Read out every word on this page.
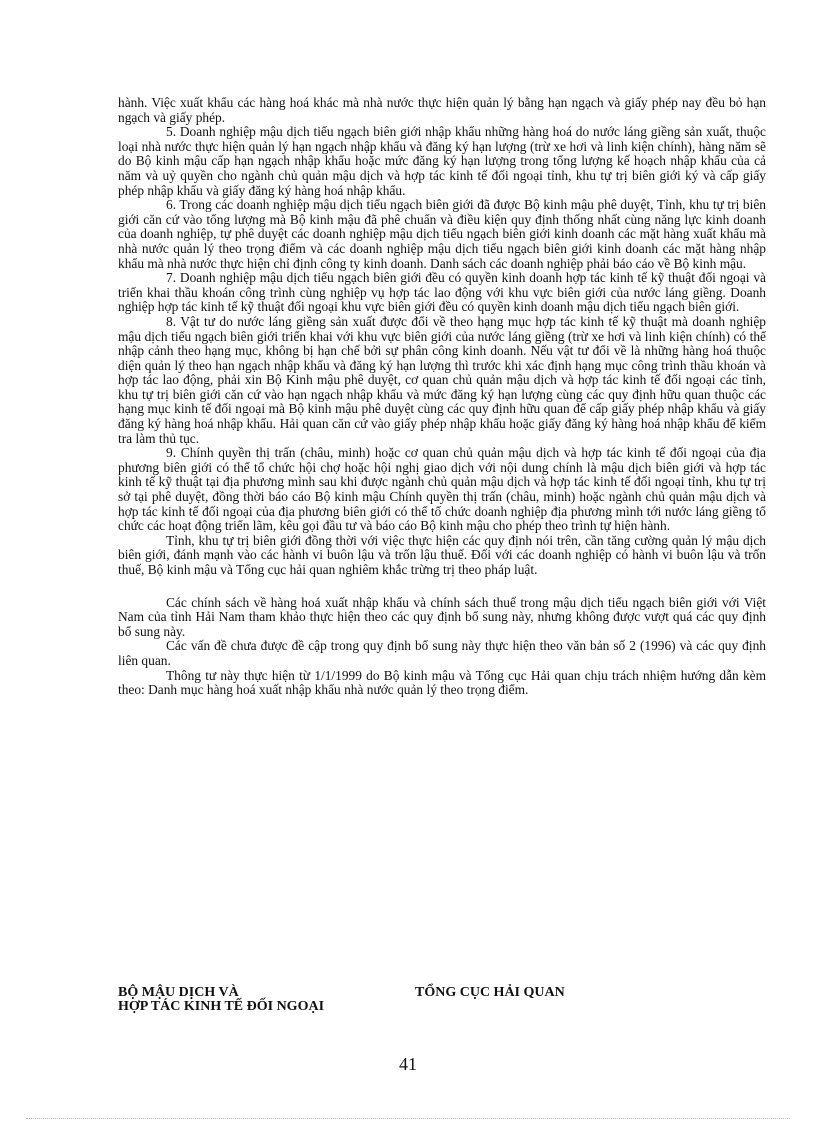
hành. Việc xuất khẩu các hàng hoá khác mà nhà nước thực hiện quản lý bằng hạn ngạch và giấy phép nay đều bỏ hạn ngạch và giấy phép.

5. Doanh nghiệp mậu dịch tiểu ngạch biên giới nhập khẩu những hàng hoá do nước láng giềng sản xuất, thuộc loại nhà nước thực hiện quản lý hạn ngạch nhập khẩu và đăng ký hạn lượng (trừ xe hơi và linh kiện chính), hàng năm sẽ do Bộ kinh mậu cấp hạn ngạch nhập khẩu hoặc mức đăng ký hạn lượng trong tổng lượng kế hoạch nhập khẩu của cả năm và uỷ quyền cho ngành chủ quản mậu dịch và hợp tác kinh tế đối ngoại tỉnh, khu tự trị biên giới ký và cấp giấy phép nhập khẩu và giấy đăng ký hàng hoá nhập khẩu.

6. Trong các doanh nghiệp mậu dịch tiểu ngạch biên giới đã được Bộ kinh mậu phê duyệt, Tỉnh, khu tự trị biên giới căn cứ vào tổng lượng mà Bộ kinh mậu đã phê chuẩn và điều kiện quy định thống nhất cùng năng lực kinh doanh của doanh nghiệp, tự phê duyệt các doanh nghiệp mậu dịch tiểu ngạch biên giới kinh doanh các mặt hàng xuất khẩu mà nhà nước quản lý theo trọng điểm và các doanh nghiệp mậu dịch tiểu ngạch biên giới kinh doanh các mặt hàng nhập khẩu mà nhà nước thực hiện chỉ định công ty kinh doanh. Danh sách các doanh nghiệp phải báo cáo về Bộ kinh mậu.

7. Doanh nghiệp mậu dịch tiểu ngạch biên giới đều có quyền kinh doanh hợp tác kinh tế kỹ thuật đối ngoại và triển khai thầu khoán công trình cùng nghiệp vụ hợp tác lao động với khu vực biên giới của nước láng giềng. Doanh nghiệp hợp tác kinh tế kỹ thuật đối ngoại khu vực biên giới đều có quyền kinh doanh mậu dịch tiểu ngạch biên giới.

8. Vật tư do nước láng giềng sản xuất được đổi về theo hạng mục hợp tác kinh tế kỹ thuật mà doanh nghiệp mậu dịch tiểu ngạch biên giới triển khai với khu vực biên giới của nước láng giềng (trừ xe hơi và linh kiện chính) có thể nhập cảnh theo hạng mục, không bị hạn chế bởi sự phân công kinh doanh. Nếu vật tư đổi về là những hàng hoá thuộc diện quản lý theo hạn ngạch nhập khẩu và đăng ký hạn lượng thì trước khi xác định hạng mục công trình thầu khoán và hợp tác lao động, phải xin Bộ Kinh mậu phê duyệt, cơ quan chủ quản mậu dịch và hợp tác kinh tế đối ngoại các tỉnh, khu tự trị biên giới căn cứ vào hạn ngạch nhập khẩu và mức đăng ký hạn lượng cùng các quy định hữu quan thuộc các hạng mục kinh tế đối ngoại mà Bộ kinh mậu phê duyệt cùng các quy định hữu quan để cấp giấy phép nhập khẩu và giấy đăng ký hàng hoá nhập khẩu. Hải quan căn cứ vào giấy phép nhập khẩu hoặc giấy đăng ký hàng hoá nhập khẩu để kiểm tra làm thủ tục.

9. Chính quyền thị trấn (châu, minh) hoặc cơ quan chủ quản mậu dịch và hợp tác kinh tế đối ngoại của địa phương biên giới có thể tổ chức hội chợ hoặc hội nghị giao dịch với nội dung chính là mậu dịch biên giới và hợp tác kinh tế kỹ thuật tại địa phương mình sau khi được ngành chủ quản mậu dịch và hợp tác kinh tế đối ngoại tỉnh, khu tự trị sở tại phê duyệt, đồng thời báo cáo Bộ kinh mậu Chính quyền thị trấn (châu, minh) hoặc ngành chủ quản mậu dịch và hợp tác kinh tế đối ngoại của địa phương biên giới có thể tổ chức doanh nghiệp địa phương mình tới nước láng giềng tổ chức các hoạt động triển lãm, kêu gọi đầu tư và báo cáo Bộ kinh mậu cho phép theo trình tự hiện hành.

Tỉnh, khu tự trị biên giới đồng thời với việc thực hiện các quy định nói trên, cần tăng cường quản lý mậu dịch biên giới, đánh mạnh vào các hành vi buôn lậu và trốn lậu thuế. Đối với các doanh nghiệp có hành vi buôn lậu và trốn thuế, Bộ kinh mậu và Tổng cục hải quan nghiêm khắc trừng trị theo pháp luật.

Các chính sách về hàng hoá xuất nhập khẩu và chính sách thuế trong mậu dịch tiểu ngạch biên giới với Việt Nam của tỉnh Hải Nam tham khảo thực hiện theo các quy định bổ sung này, nhưng không được vượt quá các quy định bổ sung này.

Các vấn đề chưa được đề cập trong quy định bổ sung này thực hiện theo văn bản số 2 (1996) và các quy định liên quan.

Thông tư này thực hiện từ 1/1/1999 do Bộ kinh mậu và Tổng cục Hải quan chịu trách nhiệm hướng dẫn kèm theo: Danh mục hàng hoá xuất nhập khẩu nhà nước quản lý theo trọng điểm.

BỘ MẬU DỊCH VÀ
HỢP TÁC KINH TẾ ĐỐI NGOẠI
TỔNG CỤC HẢI QUAN
41
